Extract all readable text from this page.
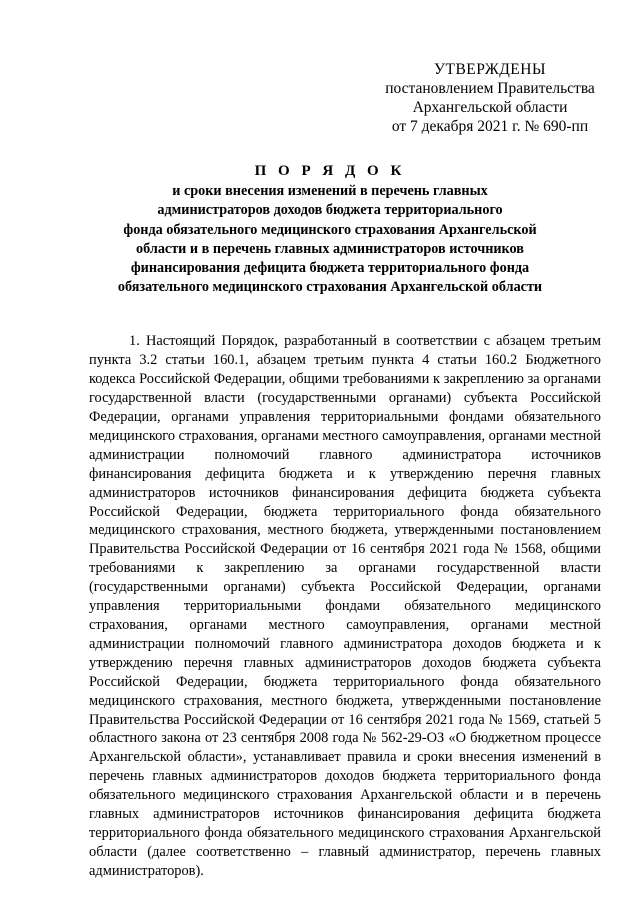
УТВЕРЖДЕНЫ
постановлением Правительства
Архангельской области
от 7 декабря 2021 г. № 690-пп
П О Р Я Д О К
и сроки внесения изменений в перечень главных
администраторов доходов бюджета территориального
фонда обязательного медицинского страхования Архангельской
области и в перечень главных администраторов источников
финансирования дефицита бюджета территориального фонда
обязательного медицинского страхования Архангельской области

1. Настоящий Порядок, разработанный в соответствии с абзацем третьим пункта 3.2 статьи 160.1, абзацем третьим пункта 4 статьи 160.2 Бюджетного кодекса Российской Федерации, общими требованиями к закреплению за органами государственной власти (государственными органами) субъекта Российской Федерации, органами управления территориальными фондами обязательного медицинского страхования, органами местного самоуправления, органами местной администрации полномочий главного администратора источников финансирования дефицита бюджета и к утверждению перечня главных администраторов источников финансирования дефицита бюджета субъекта Российской Федерации, бюджета территориального фонда обязательного медицинского страхования, местного бюджета, утвержденными постановлением Правительства Российской Федерации от 16 сентября 2021 года № 1568, общими требованиями к закреплению за органами государственной власти (государственными органами) субъекта Российской Федерации, органами управления территориальными фондами обязательного медицинского страхования, органами местного самоуправления, органами местной администрации полномочий главного администратора доходов бюджета и к утверждению перечня главных администраторов доходов бюджета субъекта Российской Федерации, бюджета территориального фонда обязательного медицинского страхования, местного бюджета, утвержденными постановление Правительства Российской Федерации от 16 сентября 2021 года № 1569, статьей 5 областного закона от 23 сентября 2008 года № 562-29-ОЗ «О бюджетном процессе Архангельской области», устанавливает правила и сроки внесения изменений в перечень главных администраторов доходов бюджета территориального фонда обязательного медицинского страхования Архангельской области и в перечень главных администраторов источников финансирования дефицита бюджета территориального фонда обязательного медицинского страхования Архангельской области (далее соответственно – главный администратор, перечень главных администраторов).
